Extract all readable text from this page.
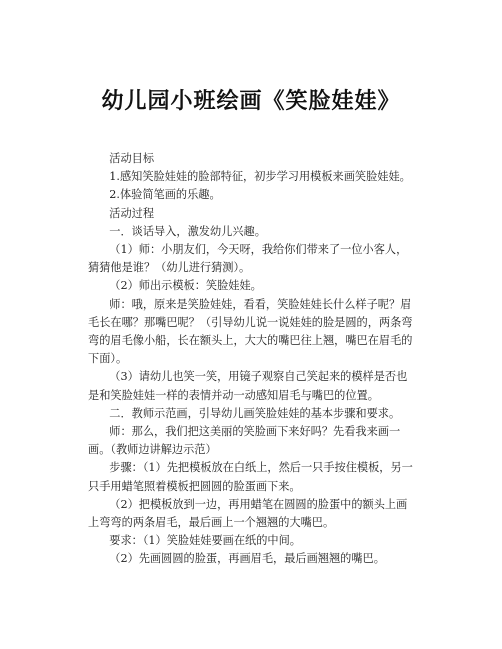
幼儿园小班绘画《笑脸娃娃》

活动目标

1.感知笑脸娃娃的脸部特征，初步学习用模板来画笑脸娃娃。

2.体验简笔画的乐趣。

活动过程

一．谈话导入，激发幼儿兴趣。

（1）师：小朋友们，今天呀，我给你们带来了一位小客人，猜猜他是谁？（幼儿进行猜测）。

（2）师出示模板：笑脸娃娃。

师：哦，原来是笑脸娃娃，看看，笑脸娃娃长什么样子呢？眉毛长在哪？那嘴巴呢？（引导幼儿说一说娃娃的脸是圆的，两条弯弯的眉毛像小船，长在额头上，大大的嘴巴往上翘，嘴巴在眉毛的下面）。

（3）请幼儿也笑一笑，用镜子观察自己笑起来的模样是否也是和笑脸娃娃一样的表情并动一动感知眉毛与嘴巴的位置。

二．教师示范画，引导幼儿画笑脸娃娃的基本步骤和要求。

师：那么，我们把这美丽的笑脸画下来好吗？先看我来画一画。（教师边讲解边示范）

步骤：（1）先把模板放在白纸上，然后一只手按住模板，另一只手用蜡笔照着模板把圆圆的脸蛋画下来。

（2）把模板放到一边，再用蜡笔在圆圆的脸蛋中的额头上画上弯弯的两条眉毛，最后画上一个翘翘的大嘴巴。

要求：（1）笑脸娃娃要画在纸的中间。

（2）先画圆圆的脸蛋，再画眉毛，最后画翘翘的嘴巴。
